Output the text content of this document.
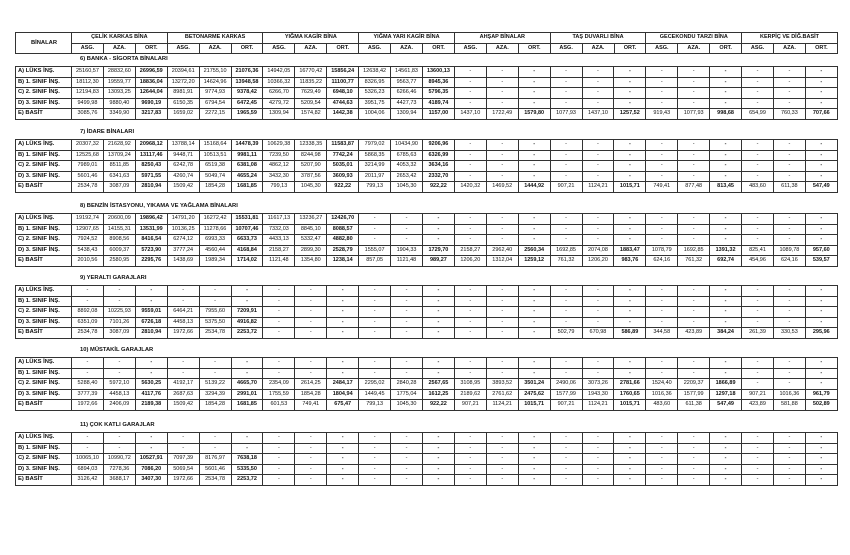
BİNALAR	ÇELİK KARKAS BİNA			BETONARME KARKAS			YIĞMA KAGİR BİNA			YIĞMA YARI KAGİR BİNA			AHŞAP BİNALAR			TAŞ DUVARLI BİNA			GECEKONDU TARZI BİNA			KERPİÇ VE DİĞ.BASİT		
	ASG.	AZA.	ORT.	ASG.	AZA.	ORT.	ASG.	AZA.	ORT.	ASG.	AZA.	ORT.	ASG.	AZA.	ORT.	ASG.	AZA.	ORT.	ASG.	AZA.	ORT.	ASG.	AZA.	ORT.
6) BANKA - SİGORTA BİNALARI
A) LÜKS İNŞ.	25160,57	28832,60	26996,59	20394,61	21755,10	21076,36	14942,05	16770,42	15856,24	12638,42	14561,83	13600,13	-	-	-	-	-	-	-	-	-	-	-	-
B) 1. SINIF İNŞ.	18112,30	19559,77	18836,04	13272,20	14624,96	13948,58	10366,32	11835,22	11100,77	8326,95	9563,77	8945,36	-	-	-	-	-	-	-	-	-	-	-	-
C) 2. SINIF İNŞ.	12194,83	13093,25	12644,04	8981,91	9774,93	9378,42	6266,70	7629,49	6948,10	5326,23	6266,46	5796,35	-	-	-	-	-	-	-	-	-	-	-	-
D) 3. SINIF İNŞ.	9499,98	9880,40	9690,19	6150,35	6794,54	6472,45	4279,72	5209,54	4744,63	3951,75	4427,73	4189,74	-	-	-	-	-	-	-	-	-	-	-	-
E) BASİT	3085,76	3349,90	3217,83	1659,02	2272,15	1965,59	1309,94	1574,82	1442,38	1004,06	1309,94	1157,00	1437,10	1722,49	1579,80	1077,93	1437,10	1257,52	919,43	1077,93	998,68	654,99	760,33	707,66
7) İDARE BİNALARI
A) LÜKS İNŞ.	20307,32	21628,92	20968,12	13788,14	15168,64	14478,39	10629,38	12338,35	11583,87	7979,02	10434,90	9206,96	-	-	-	-	-	-	-	-	-	-	-	-
B) 1. SINIF İNŞ.	12525,68	13709,24	13117,46	9448,71	10513,51	9981,11	7239,50	8244,98	7742,24	5868,35	6785,63	6326,99	-	-	-	-	-	-	-	-	-	-	-	-
C) 2. SINIF İNŞ.	7989,01	8511,85	8250,43	6242,78	6519,38	6381,08	4862,12	5207,90	5035,01	3214,99	4053,32	3634,16	-	-	-	-	-	-	-	-	-	-	-	-
D) 3. SINIF İNŞ.	5601,46	6341,63	5971,55	4260,74	5049,74	4655,24	3432,30	3787,56	3609,93	2011,97	2653,42	2332,70	-	-	-	-	-	-	-	-	-	-	-	-
E) BASİT	2534,78	3087,09	2810,94	1509,42	1854,28	1681,85	799,13	1045,30	922,22	799,13	1045,30	922,22	1420,32	1469,52	1444,92	907,21	1124,21	1015,71	749,41	877,48	813,45	483,60	611,38	547,49
8) BENZİN İSTASYONU, YIKAMA VE YAĞLAMA BİNALARI
A) LÜKS İNŞ.	19192,74	20600,09	19896,42	14791,20	16272,42	15531,81	11617,13	13236,27	12426,70	-	-	-	-	-	-	-	-	-	-	-	-	-	-	-
B) 1. SINIF İNŞ.	12907,65	14155,31	13531,99	10136,25	11278,66	10707,46	7332,03	8845,10	8088,57	-	-	-	-	-	-	-	-	-	-	-	-	-	-	-
C) 2. SINIF İNŞ.	7924,52	8908,56	8416,54	6274,12	6993,33	6633,73	4433,13	5332,47	4882,80	-	-	-	-	-	-	-	-	-	-	-	-	-	-	-
D) 3. SINIF İNŞ.	5438,43	6009,37	5723,90	3777,24	4560,44	4168,84	2158,27	2899,30	2528,79	1555,07	1904,33	1729,70	2158,27	2962,40	2560,34	1692,85	2074,08	1883,47	1078,79	1692,85	1391,32	825,41	1089,78	957,60
E) BASİT	2010,56	2580,95	2295,76	1438,69	1989,34	1714,02	1121,48	1354,80	1238,14	857,05	1121,48	989,27	1206,20	1312,04	1259,12	761,32	1206,20	983,76	624,16	761,32	692,74	454,96	624,16	539,57
9) YERALTI GARAJLARI
A) LÜKS İNŞ.	-	-	-	-	-	-	-	-	-	-	-	-	-	-	-	-	-	-	-	-	-	-	-	-
B) 1. SINIF İNŞ.	-	-	-	-	-	-	-	-	-	-	-	-	-	-	-	-	-	-	-	-	-	-	-	-
C) 2. SINIF İNŞ.	8892,08	10225,93	9559,01	6464,21	7955,60	7209,91	-	-	-	-	-	-	-	-	-	-	-	-	-	-	-	-	-	-
D) 3. SINIF İNŞ.	6351,09	7101,26	6726,18	4458,13	5375,50	4916,82	-	-	-	-	-	-	-	-	-	-	-	-	-	-	-	-	-	-
E) BASİT	2534,78	3087,09	2810,94	1972,66	2534,78	2253,72	-	-	-	-	-	-	-	-	-	502,79	670,98	586,89	344,58	423,89	384,24	261,39	330,53	295,96
10) MÜSTAKİL GARAJLAR
A) LÜKS İNŞ.	-	-	-	-	-	-	-	-	-	-	-	-	-	-	-	-	-	-	-	-	-	-	-	-
B) 1. SINIF İNŞ.	-	-	-	-	-	-	-	-	-	-	-	-	-	-	-	-	-	-	-	-	-	-	-	-
C) 2. SINIF İNŞ.	5288,40	5972,10	5630,25	4192,17	5139,22	4665,70	2354,09	2614,25	2484,17	2295,02	2840,28	2567,65	3108,95	3893,52	3501,24	2490,06	3073,26	2781,66	1524,40	2209,37	1866,89	-	-	-
D) 3. SINIF İNŞ.	3777,39	4458,13	4117,76	2687,63	3294,39	2991,01	1755,59	1854,28	1804,94	1449,45	1775,04	1612,25	2189,62	2761,62	2475,62	1577,99	1943,30	1760,65	1016,36	1577,99	1297,18	907,21	1016,36	961,79
E) BASİT	1972,66	2406,09	2189,38	1509,42	1854,28	1681,85	601,53	749,41	675,47	799,13	1045,30	922,22	907,21	1124,21	1015,71	907,21	1124,21	1015,71	483,60	611,38	547,49	423,89	581,88	502,89
11) ÇOK KATLI GARAJLAR
A) LÜKS İNŞ.	-	-	-	-	-	-	-	-	-	-	-	-	-	-	-	-	-	-	-	-	-	-	-	-
B) 1. SINIF İNŞ.	-	-	-	-	-	-	-	-	-	-	-	-	-	-	-	-	-	-	-	-	-	-	-	-
C) 2. SINIF İNŞ.	10065,10	10990,72	10527,91	7097,39	8176,97	7638,18	-	-	-	-	-	-	-	-	-	-	-	-	-	-	-	-	-	-
D) 3. SINIF İNŞ.	6894,03	7278,36	7086,20	5069,54	5601,46	5335,50	-	-	-	-	-	-	-	-	-	-	-	-	-	-	-	-	-	-
E) BASİT	3126,42	3688,17	3407,30	1972,66	2534,78	2253,72	-	-	-	-	-	-	-	-	-	-	-	-	-	-	-	-	-	-
